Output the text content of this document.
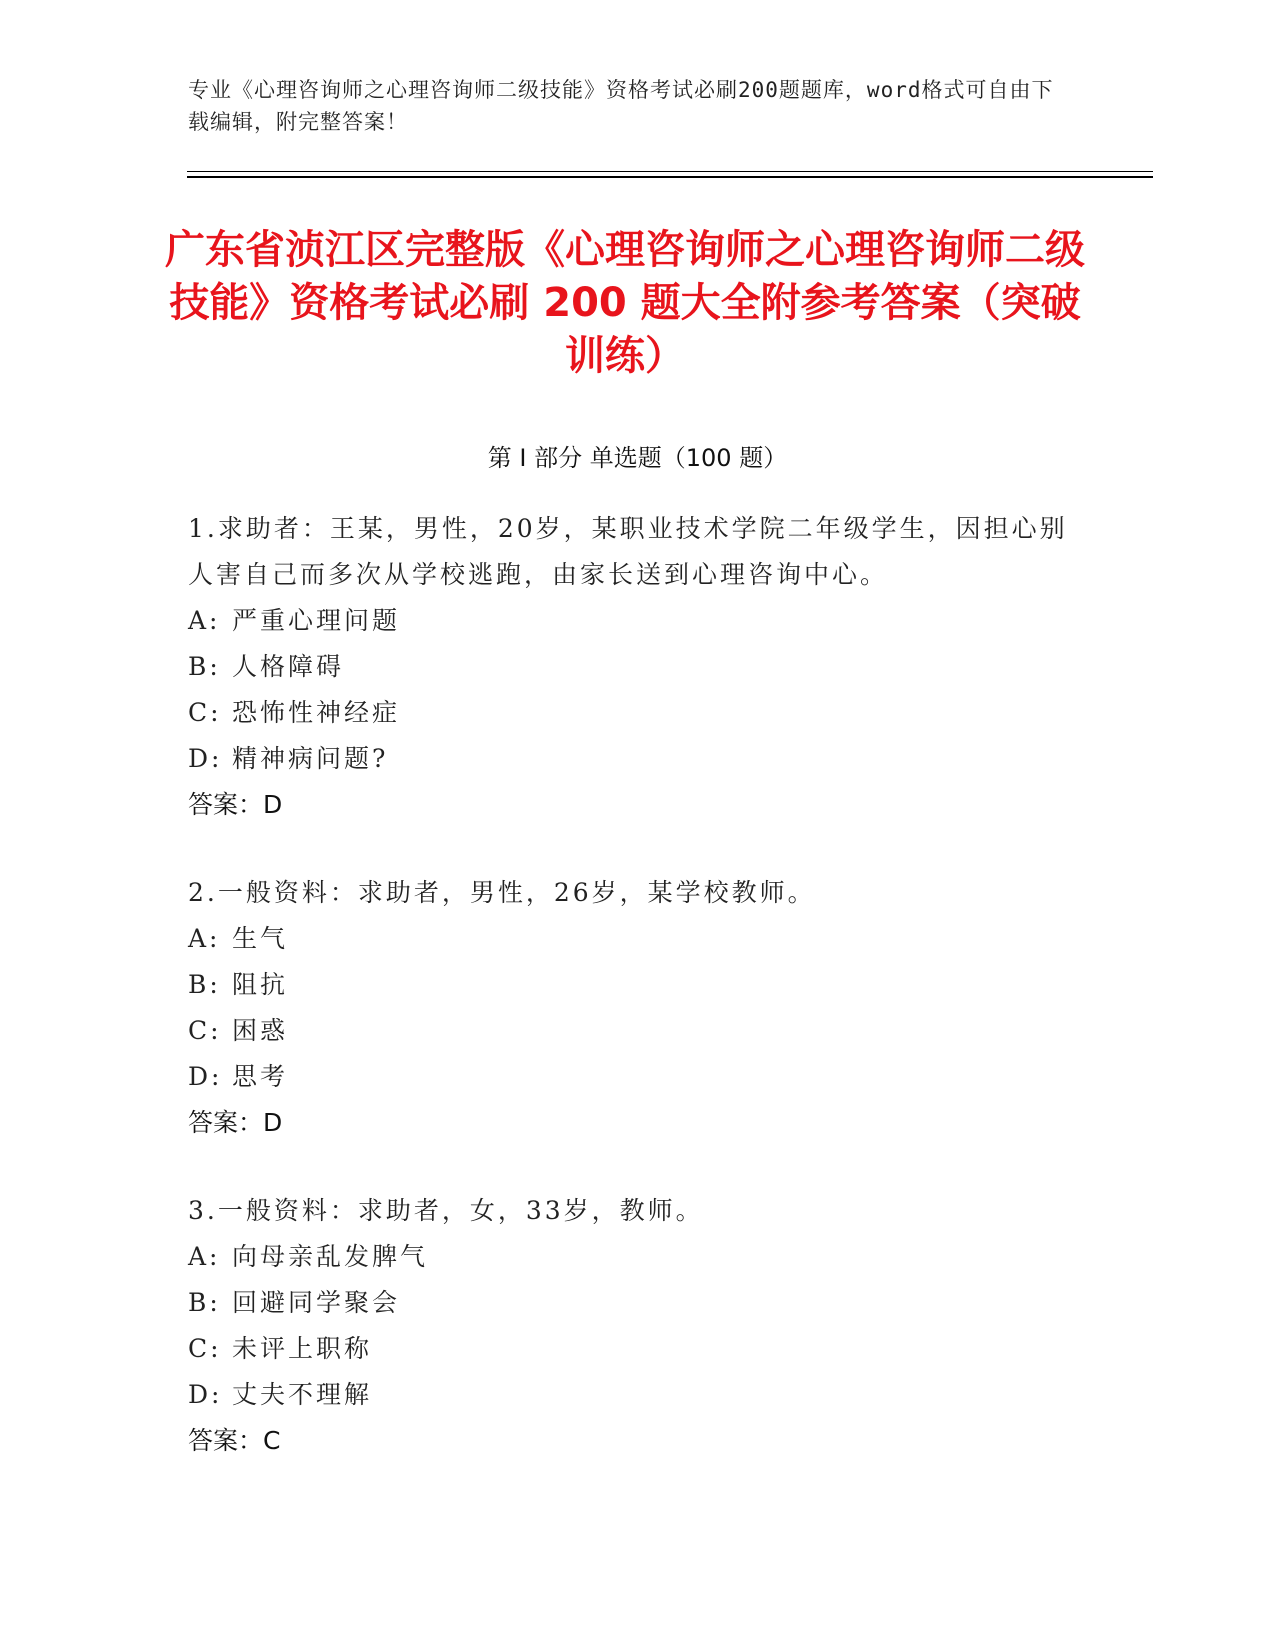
专业《心理咨询师之心理咨询师二级技能》资格考试必刷200题题库，word格式可自由下载编辑，附完整答案！
广东省浈江区完整版《心理咨询师之心理咨询师二级技能》资格考试必刷 200 题大全附参考答案（突破训练）
第 I 部分 单选题（100 题）
1.求助者：王某，男性，20岁，某职业技术学院二年级学生，因担心别人害自己而多次从学校逃跑，由家长送到心理咨询中心。
A: 严重心理问题
B: 人格障碍
C: 恐怖性神经症
D: 精神病问题?
答案：D
2.一般资料：求助者，男性，26岁，某学校教师。
A: 生气
B: 阻抗
C: 困惑
D: 思考
答案：D
3.一般资料：求助者，女，33岁，教师。
A: 向母亲乱发脾气
B: 回避同学聚会
C: 未评上职称
D: 丈夫不理解
答案：C
